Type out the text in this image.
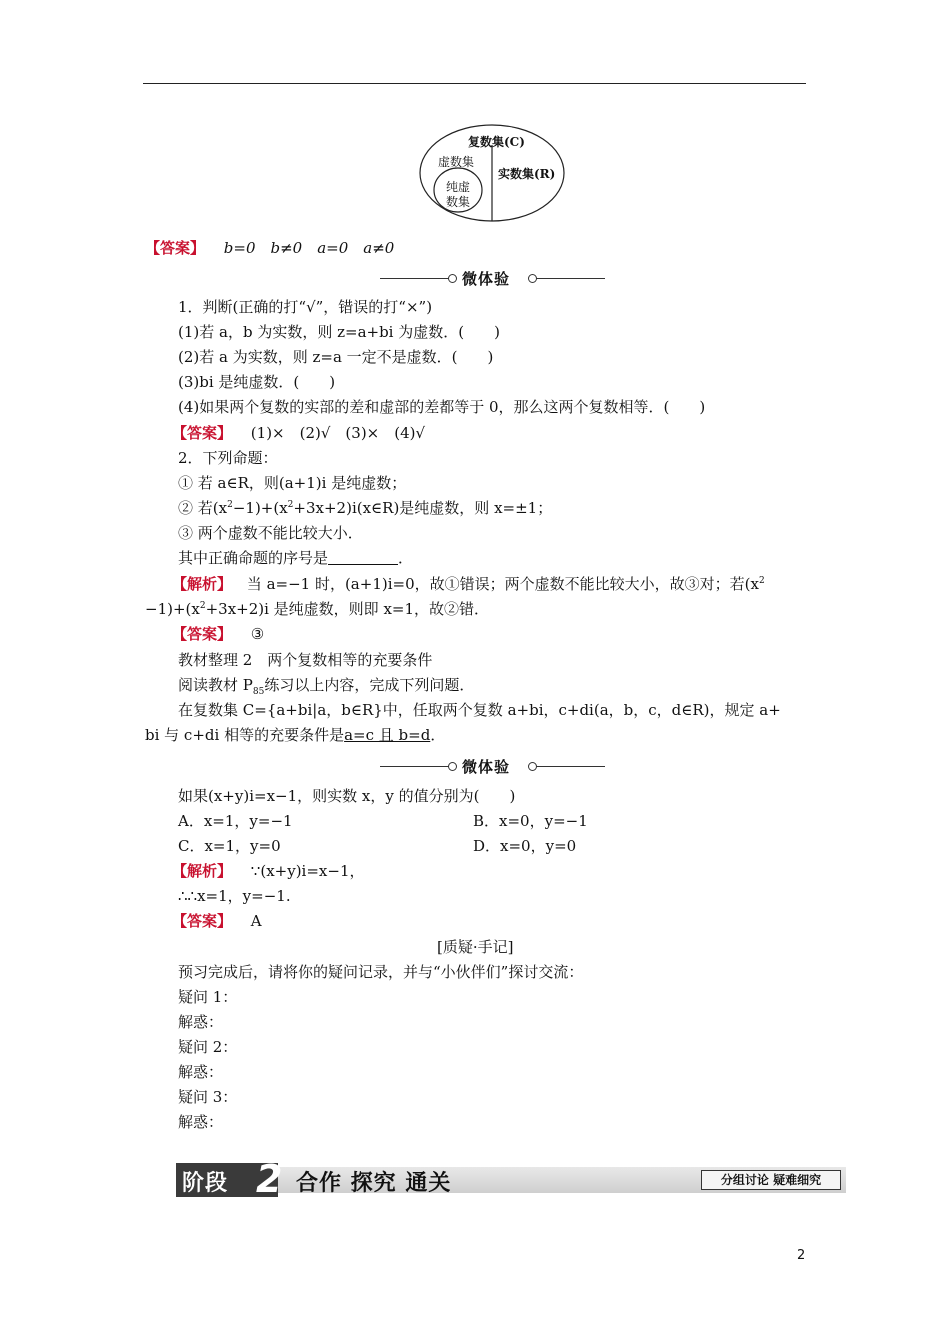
复数集(C)
虚数集
纯虚
数集
实数集(R)
【答案】 b=0　b≠0　a=0　a≠0
微体验
1．判断(正确的打“√”，错误的打“×”)
(1)若 a，b 为实数，则 z=a+bi 为虚数．(　　)
(2)若 a 为实数，则 z=a 一定不是虚数．(　　)
(3)bi 是纯虚数．(　　)
(4)如果两个复数的实部的差和虚部的差都等于 0，那么这两个复数相等．(　　)
【答案】 (1)×　(2)√　(3)×　(4)√
2．下列命题：
① 若 a∈R，则(a+1)i 是纯虚数；
② 若$(x^2-1)+(x^2+3x+2)i(x\in R)$是纯虚数，则 x=±1；
③ 两个虚数不能比较大小．
其中正确命题的序号是	．
【解析】 当 a=−1 时，(a+1)i=0，故①错误；两个虚数不能比较大小，故③对；若($x^2$
$-1)+(x^2+3x+2)i$ 是纯虚数，则即 x=1，故②错．
【答案】 ③
教材整理 2　两个复数相等的充要条件
阅读教材 $P_{85}$练习以上内容，完成下列问题．
在复数集 C={a+bi|a，b∈R}中，任取两个复数 a+bi，c+di(a，b，c，d∈R)，规定 a+
bi 与 c+di 相等的充要条件是a=c 且 b=d．
微体验
如果(x+y)i=x−1，则实数 x，y 的值分别为(　　)
A．x=1，y=−1	B．x=0，y=−1
C．x=1，y=0	D．x=0，y=0
【解析】 ∵(x+y)i=x−1，
∴∴x=1，y=−1.
【答案】 A
[质疑·手记]
预习完成后，请将你的疑问记录，并与“小伙伴们”探讨交流：
疑问 1：
解惑：
疑问 2：
解惑：
疑问 3：
解惑：
阶段 2 合作 探究 通关	分组讨论 疑难细究
2
